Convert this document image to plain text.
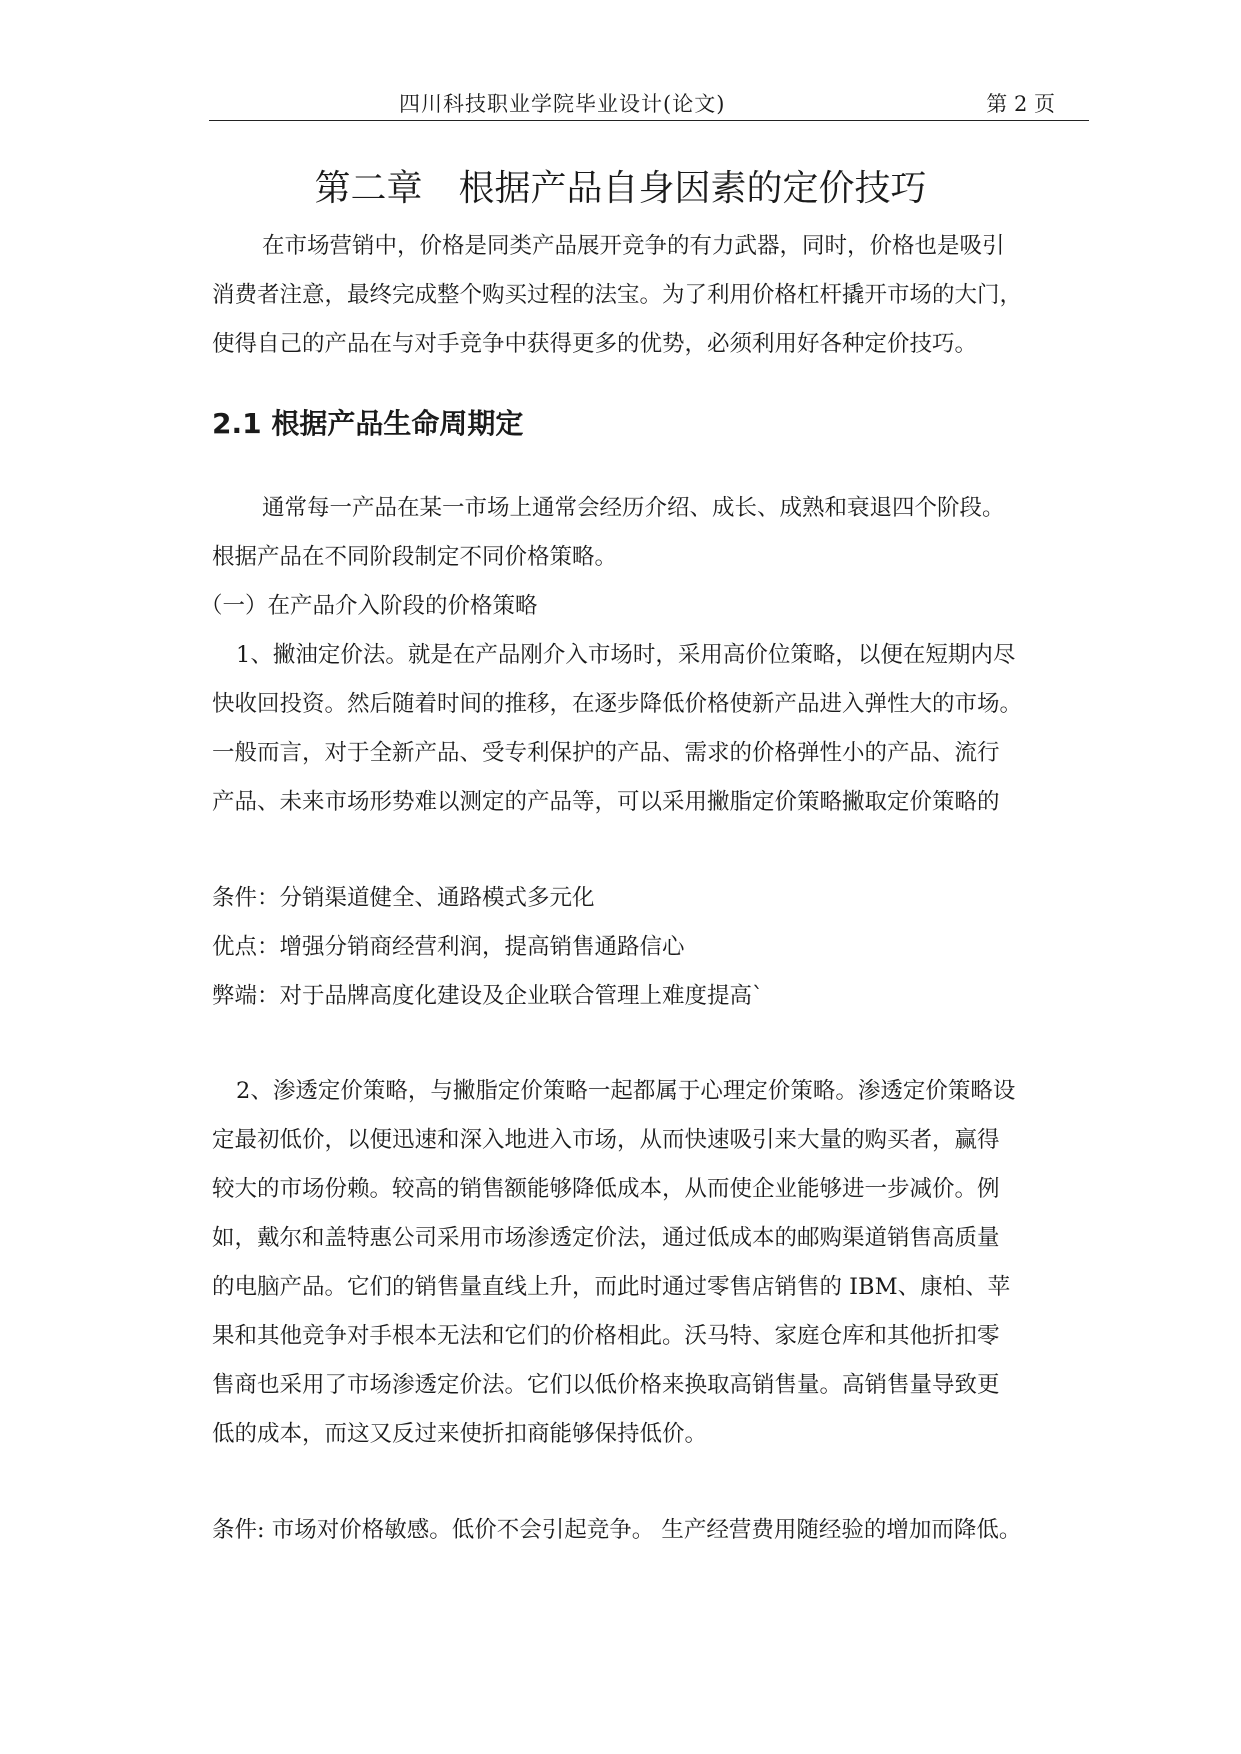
四川科技职业学院毕业设计(论文)	第 2 页
第二章　根据产品自身因素的定价技巧

在市场营销中，价格是同类产品展开竞争的有力武器，同时，价格也是吸引

消费者注意，最终完成整个购买过程的法宝。为了利用价格杠杆撬开市场的大门，

使得自己的产品在与对手竞争中获得更多的优势，必须利用好各种定价技巧。

2.1 根据产品生命周期定

通常每一产品在某一市场上通常会经历介绍、成长、成熟和衰退四个阶段。

根据产品在不同阶段制定不同价格策略。

（一）在产品介入阶段的价格策略

1、撇油定价法。就是在产品刚介入市场时，采用高价位策略，以便在短期内尽

快收回投资。然后随着时间的推移，在逐步降低价格使新产品进入弹性大的市场。

一般而言，对于全新产品、受专利保护的产品、需求的价格弹性小的产品、流行

产品、未来市场形势难以测定的产品等，可以采用撇脂定价策略撇取定价策略的

条件：分销渠道健全、通路模式多元化

优点：增强分销商经营利润，提高销售通路信心

弊端：对于品牌高度化建设及企业联合管理上难度提高`

2、渗透定价策略，与撇脂定价策略一起都属于心理定价策略。渗透定价策略设

定最初低价，以便迅速和深入地进入市场，从而快速吸引来大量的购买者，赢得

较大的市场份赖。较高的销售额能够降低成本，从而使企业能够进一步减价。例

如，戴尔和盖特惠公司采用市场渗透定价法，通过低成本的邮购渠道销售高质量

的电脑产品。它们的销售量直线上升，而此时通过零售店销售的 IBM、康柏、苹

果和其他竞争对手根本无法和它们的价格相此。沃马特、家庭仓库和其他折扣零

售商也采用了市场渗透定价法。它们以低价格来换取高销售量。高销售量导致更

低的成本，而这又反过来使折扣商能够保持低价。

条件: 市场对价格敏感。低价不会引起竞争。 生产经营费用随经验的增加而降低。
